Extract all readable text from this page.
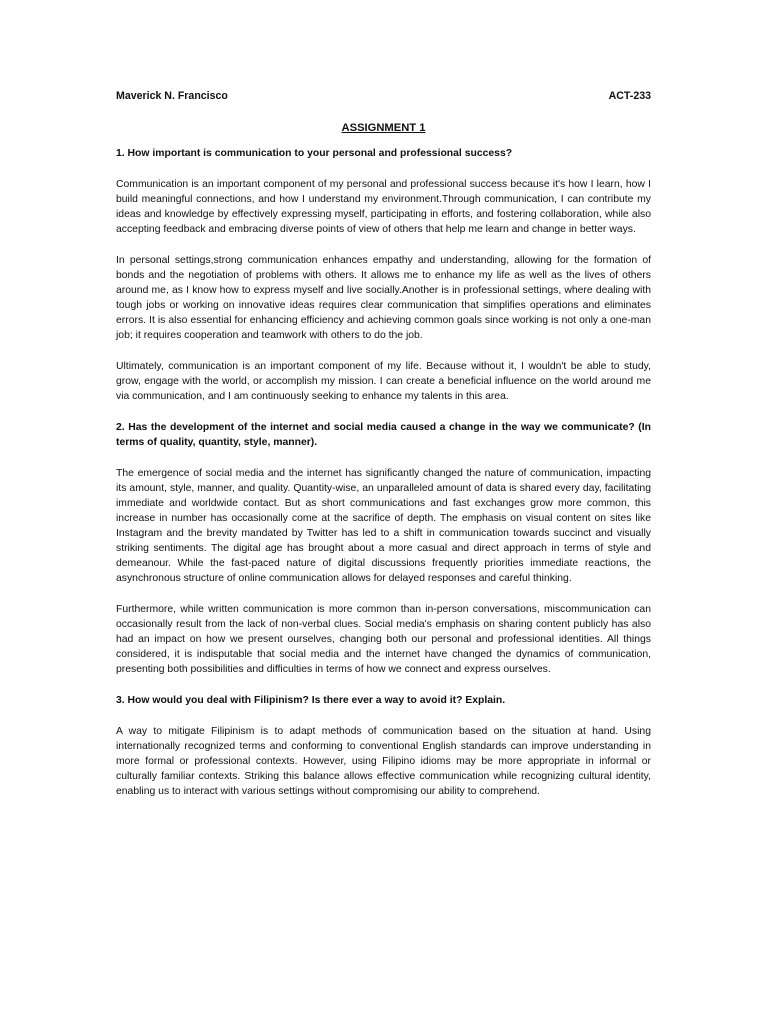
Maverick N. Francisco	ACT-233
ASSIGNMENT 1

1. How important is communication to your personal and professional success?

Communication is an important component of my personal and professional success because it's how I learn, how I build meaningful connections, and how I understand my environment.Through communication, I can contribute my ideas and knowledge by effectively expressing myself, participating in efforts, and fostering collaboration, while also accepting feedback and embracing diverse points of view of others that help me learn and change in better ways.

In personal settings,strong communication enhances empathy and understanding, allowing for the formation of bonds and the negotiation of problems with others. It allows me to enhance my life as well as the lives of others around me, as I know how to express myself and live socially.Another is in professional settings, where dealing with tough jobs or working on innovative ideas requires clear communication that simplifies operations and eliminates errors. It is also essential for enhancing efficiency and achieving common goals since working is not only a one-man job; it requires cooperation and teamwork with others to do the job.

Ultimately, communication is an important component of my life. Because without it, I wouldn't be able to study, grow, engage with the world, or accomplish my mission. I can create a beneficial influence on the world around me via communication, and I am continuously seeking to enhance my talents in this area.

2. Has the development of the internet and social media caused a change in the way we communicate? (In terms of quality, quantity, style, manner).

The emergence of social media and the internet has significantly changed the nature of communication, impacting its amount, style, manner, and quality. Quantity-wise, an unparalleled amount of data is shared every day, facilitating immediate and worldwide contact. But as short communications and fast exchanges grow more common, this increase in number has occasionally come at the sacrifice of depth. The emphasis on visual content on sites like Instagram and the brevity mandated by Twitter has led to a shift in communication towards succinct and visually striking sentiments. The digital age has brought about a more casual and direct approach in terms of style and demeanour. While the fast-paced nature of digital discussions frequently priorities immediate reactions, the asynchronous structure of online communication allows for delayed responses and careful thinking.

Furthermore, while written communication is more common than in-person conversations, miscommunication can occasionally result from the lack of non-verbal clues. Social media's emphasis on sharing content publicly has also had an impact on how we present ourselves, changing both our personal and professional identities. All things considered, it is indisputable that social media and the internet have changed the dynamics of communication, presenting both possibilities and difficulties in terms of how we connect and express ourselves.

3. How would you deal with Filipinism? Is there ever a way to avoid it? Explain.

A way to mitigate Filipinism is to adapt methods of communication based on the situation at hand. Using internationally recognized terms and conforming to conventional English standards can improve understanding in more formal or professional contexts. However, using Filipino idioms may be more appropriate in informal or culturally familiar contexts. Striking this balance allows effective communication while recognizing cultural identity, enabling us to interact with various settings without compromising our ability to comprehend.
